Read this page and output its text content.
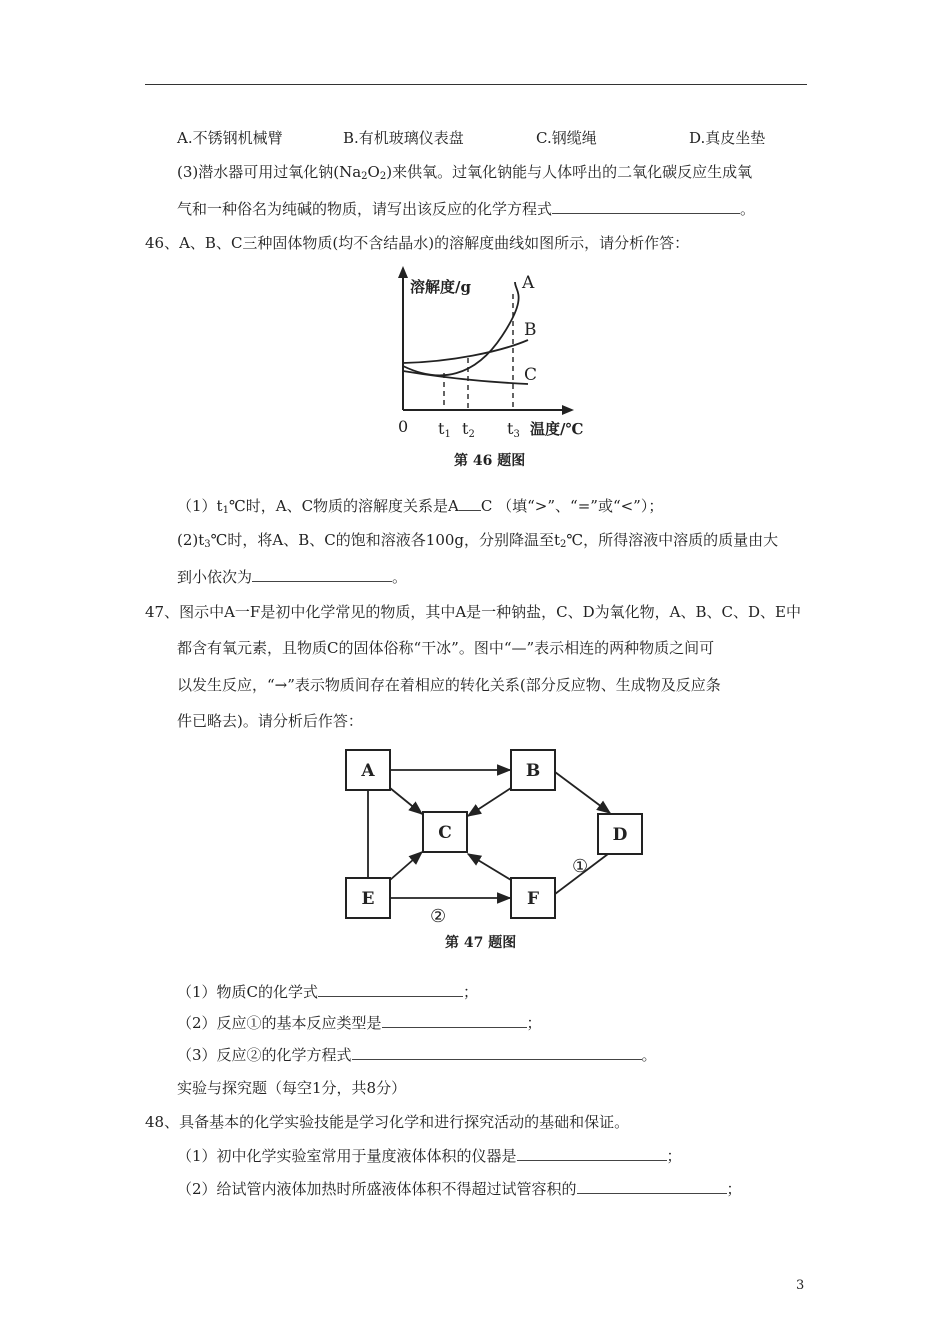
A.不锈钢机械臂	B.有机玻璃仪表盘	C.钢缆绳	D.真皮坐垫
(3)潜水器可用过氧化钠$(Na_2O_2)$来供氧。过氧化钠能与人体呼出的二氧化碳反应生成氧
气和一种俗名为纯碱的物质，请写出该反应的化学方程式	。
46、A、B、C三种固体物质(均不含结晶水)的溶解度曲线如图所示，请分析作答：
溶解度/g	A
B
C
0 t1 t2 t3 温度/℃
第 46 题图
$(1)t_1℃$时，A、C物质的溶解度关系是A C （填“>”、“=”或“<”）；
$(2)t_3℃$时，将A、B、C的饱和溶液各100g，分别降温至$t_2℃$，所得溶液中溶质的质量由大
到小依次为	。
47、图示中A一F是初中化学常见的物质，其中A是一种钠盐，C、D为氧化物，A、B、C、D、E中
都含有氧元素，且物质C的固体俗称“干冰”。图中“—”表示相连的两种物质之间可
以发生反应，“→”表示物质间存在着相应的转化关系(部分反应物、生成物及反应条
件已略去)。请分析后作答：
A	B
C	D
E	F
①
②
第 47 题图
（1）物质C的化学式	；
（2）反应①的基本反应类型是	；
（3）反应②的化学方程式	。
实验与探究题（每空1分，共8分）
48、具备基本的化学实验技能是学习化学和进行探究活动的基础和保证。
（1）初中化学实验室常用于量度液体体积的仪器是	；
（2）给试管内液体加热时所盛液体体积不得超过试管容积的	；
3
